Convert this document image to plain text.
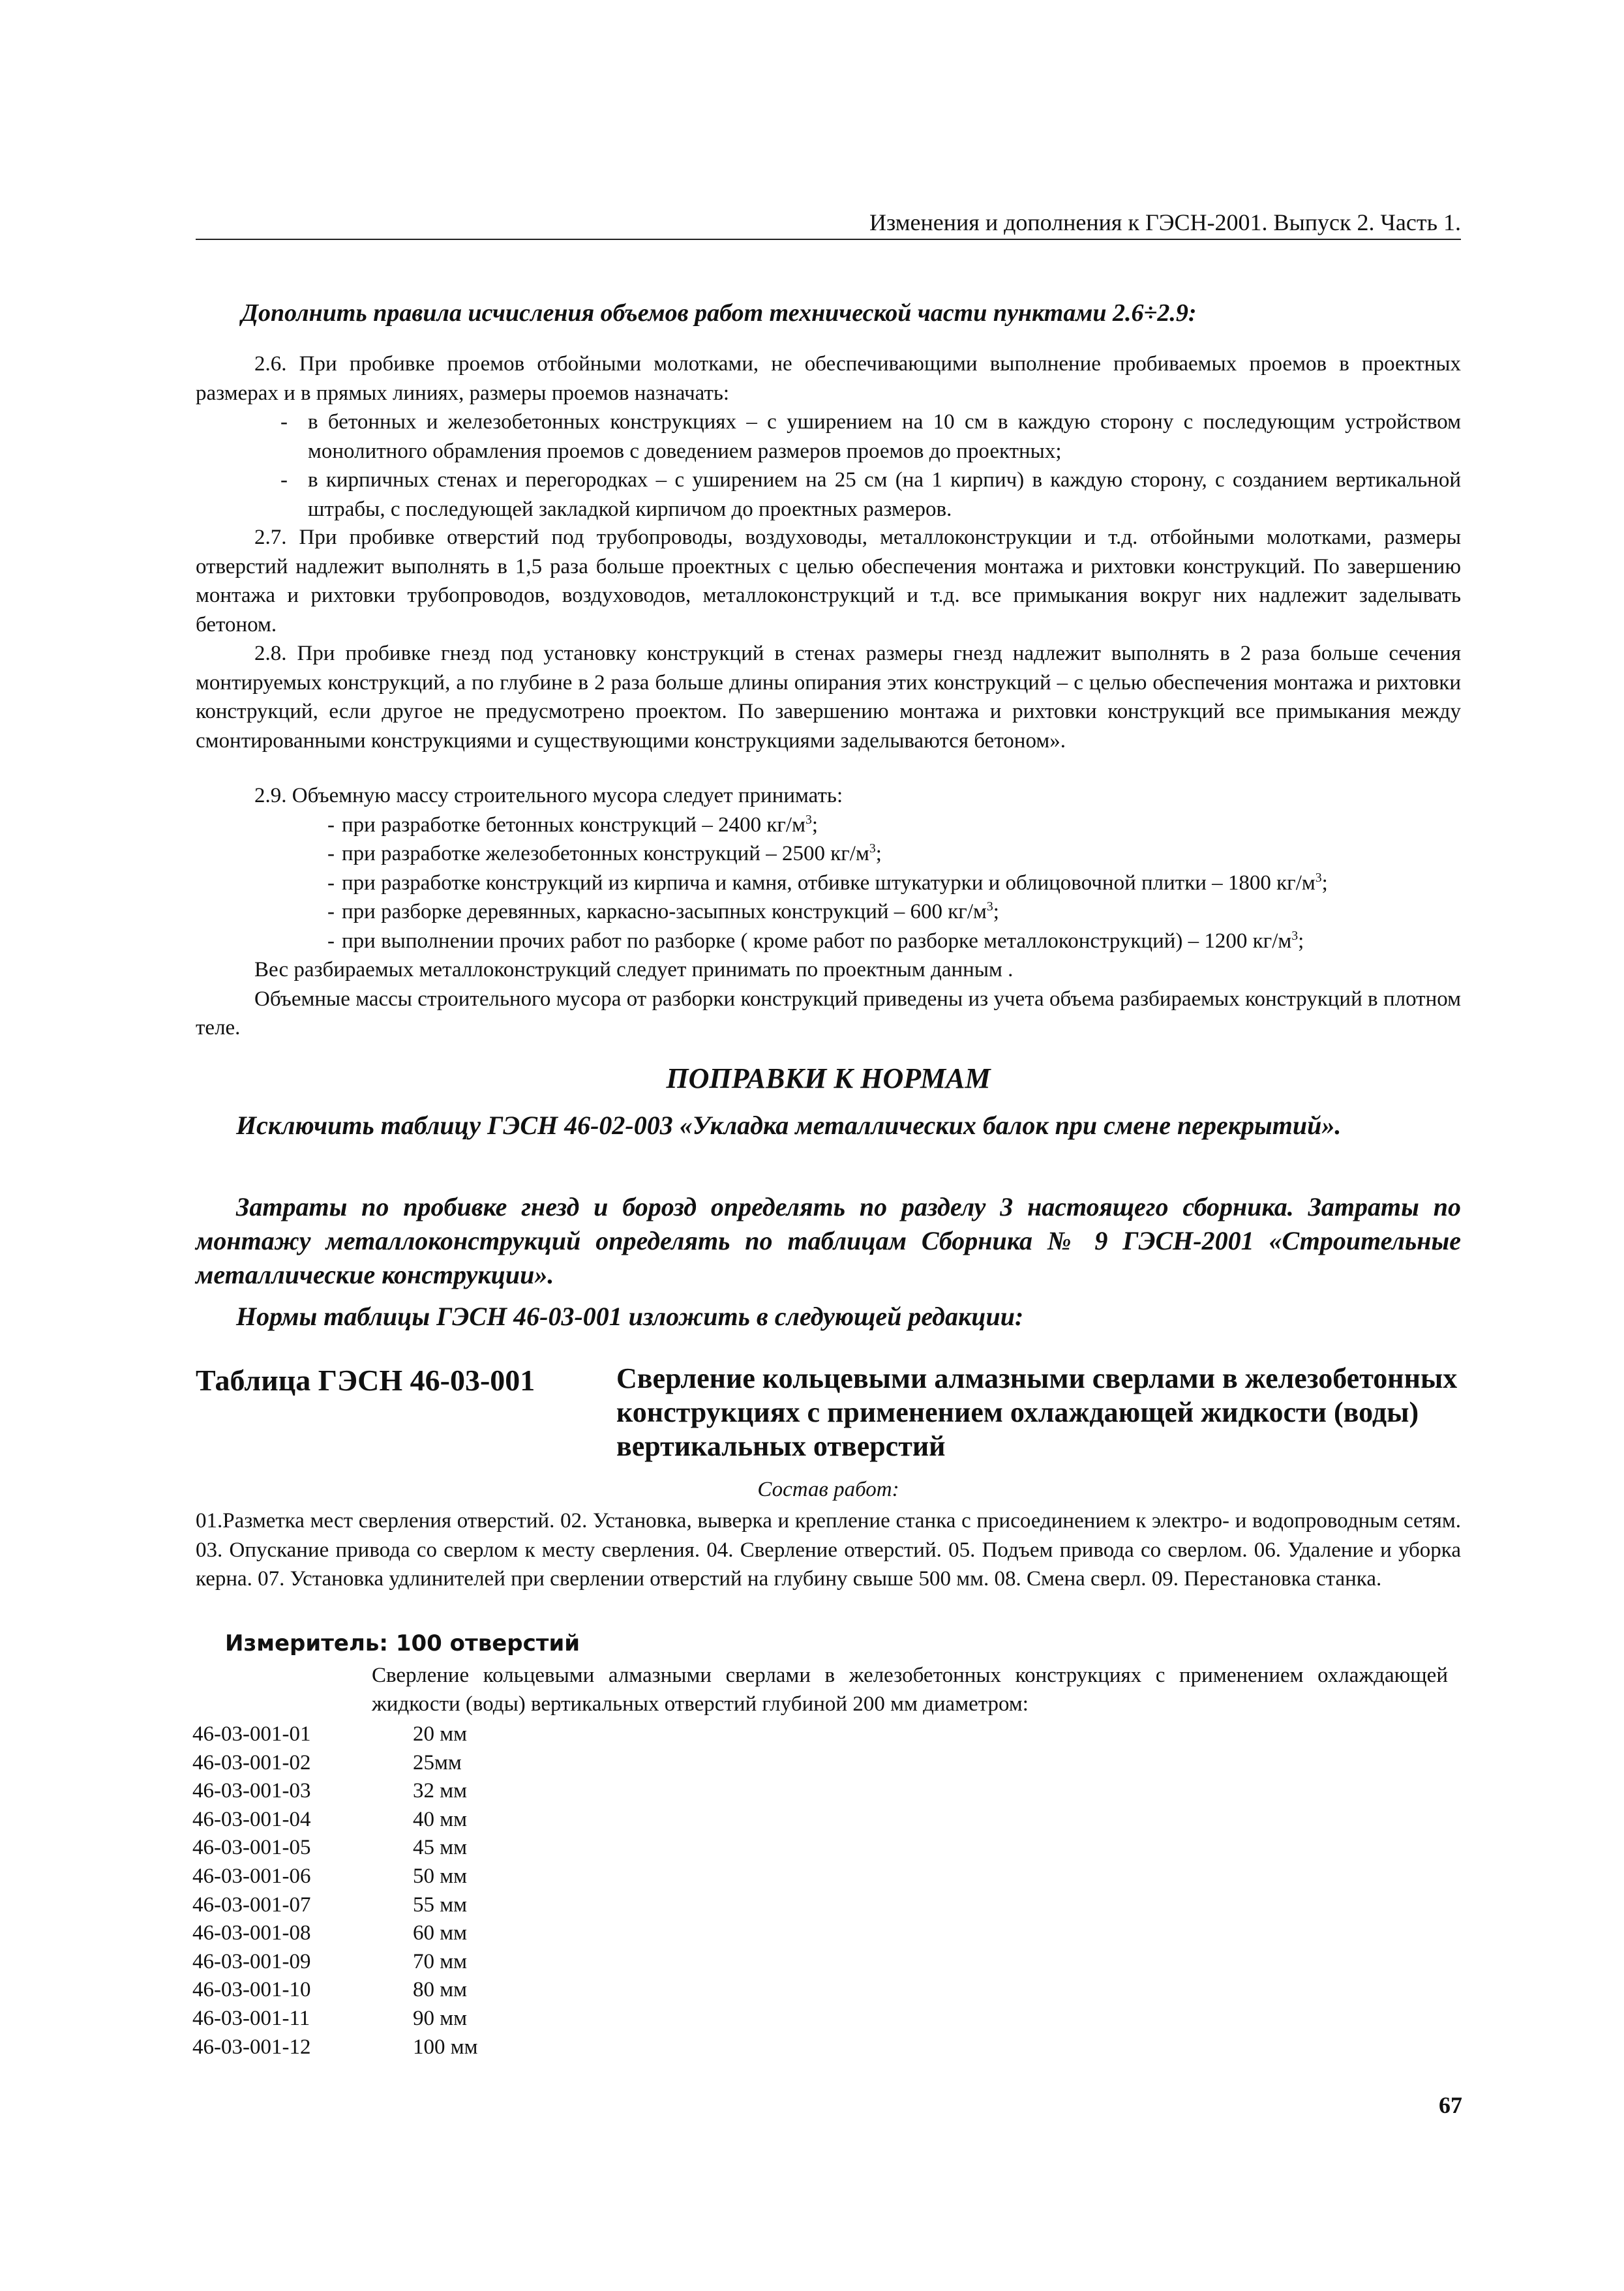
Изменения и дополнения к ГЭСН-2001. Выпуск 2. Часть 1.
Дополнить правила исчисления объемов работ технической части пунктами 2.6÷2.9:
2.6. При пробивке проемов отбойными молотками, не обеспечивающими выполнение пробиваемых проемов в проектных размерах и в прямых линиях, размеры проемов назначать:
- в бетонных и железобетонных конструкциях – с уширением на 10 см в каждую сторону с последующим устройством монолитного обрамления проемов с доведением размеров проемов до проектных;
- в кирпичных стенах и перегородках – с уширением на 25 см (на 1 кирпич) в каждую сторону, с созданием вертикальной штрабы, с последующей закладкой кирпичом до проектных размеров.
2.7. При пробивке отверстий под трубопроводы, воздуховоды, металлоконструкции и т.д. отбойными молотками, размеры отверстий надлежит выполнять в 1,5 раза больше проектных с целью обеспечения монтажа и рихтовки конструкций. По завершению монтажа и рихтовки трубопроводов, воздуховодов, металлоконструкций и т.д. все примыкания вокруг них надлежит заделывать бетоном.
2.8. При пробивке гнезд под установку конструкций в стенах размеры гнезд надлежит выполнять в 2 раза больше сечения монтируемых конструкций, а по глубине в 2 раза больше длины опирания этих конструкций – с целью обеспечения монтажа и рихтовки конструкций, если другое не предусмотрено проектом. По завершению монтажа и рихтовки конструкций все примыкания между смонтированными конструкциями и существующими конструкциями заделываются бетоном».
2.9. Объемную массу строительного мусора следует принимать:
- при разработке бетонных конструкций – 2400 $кг/м^3$;
- при разработке железобетонных конструкций – 2500 $кг/м^3$;
- при разработке конструкций из кирпича и камня, отбивке штукатурки и облицовочной плитки – 1800 $кг/м^3$;
- при разборке деревянных, каркасно-засыпных конструкций – 600 $кг/м^3$;
- при выполнении прочих работ по разборке ( кроме работ по разборке металлоконструкций) – 1200 $кг/м^3$;
Вес разбираемых металлоконструкций следует принимать по проектным данным .
Объемные массы строительного мусора от разборки конструкций приведены из учета объема разбираемых конструкций в плотном теле.
ПОПРАВКИ К НОРМАМ
Исключить таблицу ГЭСН 46-02-003 «Укладка металлических балок при смене перекрытий».
Затраты по пробивке гнезд и борозд определять по разделу 3 настоящего сборника. Затраты по монтажу металлоконструкций определять по таблицам Сборника № 9 ГЭСН-2001 «Строительные металлические конструкции».
Нормы таблицы ГЭСН 46-03-001 изложить в следующей редакции:
Таблица ГЭСН 46-03-001	Сверление кольцевыми алмазными сверлами в железобетонных конструкциях с применением охлаждающей жидкости (воды) вертикальных отверстий
Состав работ:
01.Разметка мест сверления отверстий. 02. Установка, выверка и крепление станка с присоединением к электро- и водопроводным сетям. 03. Опускание привода со сверлом к месту сверления. 04. Сверление отверстий. 05. Подъем привода со сверлом. 06. Удаление и уборка керна. 07. Установка удлинителей при сверлении отверстий на глубину свыше 500 мм. 08. Смена сверл. 09. Перестановка станка.
Измеритель: 100 отверстий
Сверление кольцевыми алмазными сверлами в железобетонных конструкциях с применением охлаждающей жидкости (воды) вертикальных отверстий глубиной 200 мм диаметром:
46-03-001-01	20 мм
46-03-001-02	25мм
46-03-001-03	32 мм
46-03-001-04	40 мм
46-03-001-05	45 мм
46-03-001-06	50 мм
46-03-001-07	55 мм
46-03-001-08	60 мм
46-03-001-09	70 мм
46-03-001-10	80 мм
46-03-001-11	90 мм
46-03-001-12	100 мм
67
